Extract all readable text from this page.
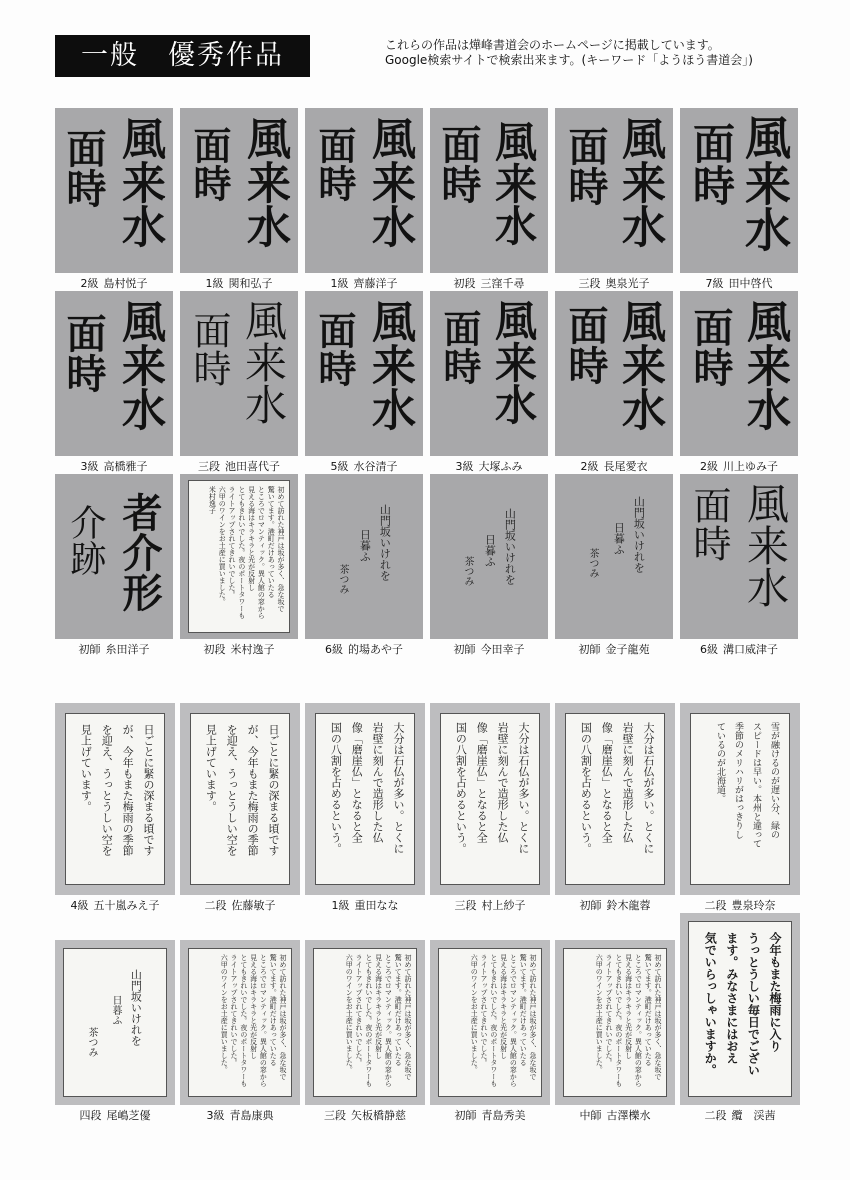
一般　優秀作品	これらの作品は燁峰書道会のホームページに掲載しています。
Google検索サイトで検索出来ます。(キーワード「ようほう書道会」)
風来水
面時
2級 島村悦子
風来水
面時
1級 関和弘子
風来水
面時
1級 齊藤洋子
風来水
面時
初段 三窪千尋
風来水
面時
三段 奥泉光子
風来水
面時
7級 田中啓代
風来水
面時
3級 高橋雅子
風来水
面時
三段 池田喜代子
風来水
面時
5級 水谷清子
風来水
面時
3級 大塚ふみ
風来水
面時
2級 長尾愛衣
風来水
面時
2級 川上ゆみ子
者介形
介跡
初師 糸田洋子
初めて訪れた神戸は坂が多く、急な坂で
驚いてます。港町だけあっていたる
ところでロマンティック。異人館の窓から
見える海はキラキラと光が反射し
とてもきれいでした。夜のポートタワーも
ライトアップされてきれいでした。
六甲のワインをお土産に買いました。
米村逸子
初段 米村逸子
山門坂いけれを
日暮ふ
茶つみ
6級 的場あや子
山門坂いけれを
日暮ふ
茶つみ
初師 今田幸子
山門坂いけれを
日暮ふ
茶つみ
初師 金子龍苑
風来水
面時
6級 溝口威津子
日ごとに緊の深まる頃です
が、今年もまた梅雨の季節
を迎え、うっとうしい空を
見上げています。
4級 五十嵐みえ子
日ごとに緊の深まる頃です
が、今年もまた梅雨の季節
を迎え、うっとうしい空を
見上げています。
二段 佐藤敏子
大分は石仏が多い。とくに
岩壁に刻んで造形した仏
像「磨崖仏」となると全
国の八割を占めるという。
1級 重田なな
大分は石仏が多い。とくに
岩壁に刻んで造形した仏
像「磨崖仏」となると全
国の八割を占めるという。
三段 村上紗子
大分は石仏が多い。とくに
岩壁に刻んで造形した仏
像「磨崖仏」となると全
国の八割を占めるという。
初師 鈴木龍蓉
雪が融けるのが遅い分、緑の
スピードは早い。本州と違って
季節のメリハリがはっきりし
ているのが北海道。
二段 豊泉玲奈
山門坂いけれを
日暮ふ
茶つみ
四段 尾嶋芝優
初めて訪れた神戸は坂が多く、急な坂で
驚いてます。港町だけあっていたる
ところでロマンティック。異人館の窓から
見える海はキラキラと光が反射し
とてもきれいでした。夜のポートタワーも
ライトアップされてきれいでした。
六甲のワインをお土産に買いました。
3級 青島康典
初めて訪れた神戸は坂が多く、急な坂で
驚いてます。港町だけあっていたる
ところでロマンティック。異人館の窓から
見える海はキラキラと光が反射し
とてもきれいでした。夜のポートタワーも
ライトアップされてきれいでした。
六甲のワインをお土産に買いました。
三段 矢板橋静慈
初めて訪れた神戸は坂が多く、急な坂で
驚いてます。港町だけあっていたる
ところでロマンティック。異人館の窓から
見える海はキラキラと光が反射し
とてもきれいでした。夜のポートタワーも
ライトアップされてきれいでした。
六甲のワインをお土産に買いました。
初師 青島秀美
初めて訪れた神戸は坂が多く、急な坂で
驚いてます。港町だけあっていたる
ところでロマンティック。異人館の窓から
見える海はキラキラと光が反射し
とてもきれいでした。夜のポートタワーも
ライトアップされてきれいでした。
六甲のワインをお土産に買いました。
中師 古澤櫟水
今年もまた梅雨に入り
うっとうしい毎日でござい
ます。みなさまにはおえ
気でいらっしゃいますか。
二段 纜　渓茜
